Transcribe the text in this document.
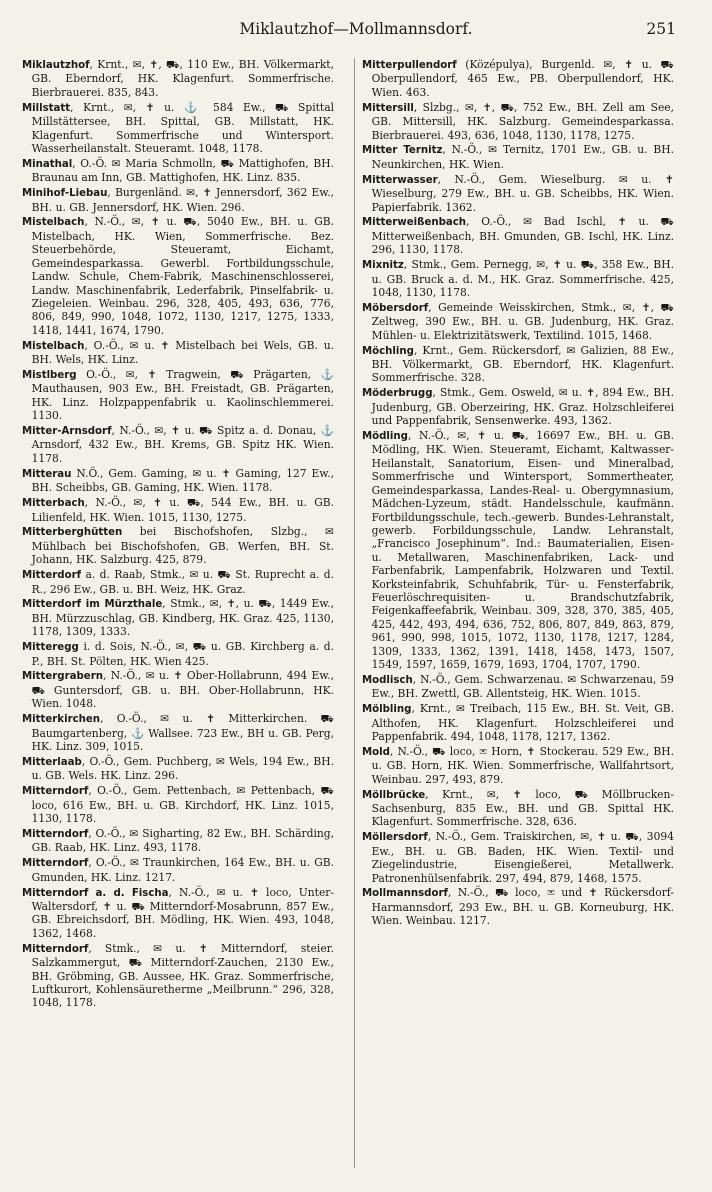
Miklautzhof—Mollmannsdorf.	251

Miklautzhof, Krnt., ✉, ✝, ⛟, 110 Ew., BH. Völkermarkt, GB. Eberndorf, HK. Klagenfurt. Sommerfrische. Bierbrauerei. 835, 843.

Millstatt, Krnt., ✉, ✝ u. ⚓ 584 Ew., ⛟ Spittal Millstättersee, BH. Spittal, GB. Millstatt, HK. Klagenfurt. Sommerfrische und Wintersport. Wasserheilanstalt. Steueramt. 1048, 1178.

Minathal, O.-Ö. ✉ Maria Schmolln, ⛟ Mattighofen, BH. Braunau am Inn, GB. Mattighofen, HK. Linz. 835.

Minihof-Liebau, Burgenländ. ✉, ✝ Jennersdorf, 362 Ew., BH. u. GB. Jennersdorf, HK. Wien. 296.

Mistelbach, N.-Ö., ✉, ✝ u. ⛟, 5040 Ew., BH. u. GB. Mistelbach, HK. Wien, Sommerfrische. Bez. Steuerbehörde, Steueramt, Eichamt, Gemeindesparkassa. Gewerbl. Fortbildungsschule, Landw. Schule, Chem-Fabrik, Maschinenschlosserei, Landw. Maschinenfabrik, Lederfabrik, Pinselfabrik- u. Ziegeleien. Weinbau. 296, 328, 405, 493, 636, 776, 806, 849, 990, 1048, 1072, 1130, 1217, 1275, 1333, 1418, 1441, 1674, 1790.

Mistelbach, O.-Ö., ✉ u. ✝ Mistelbach bei Wels, GB. u. BH. Wels, HK. Linz.

Mistlberg O.-Ö., ✉, ✝ Tragwein, ⛟ Prägarten, ⚓ Mauthausen, 903 Ew., BH. Freistadt, GB. Prägarten, HK. Linz. Holzpappenfabrik u. Kaolinschlemmerei. 1130.

Mitter-Arnsdorf, N.-Ö., ✉, ✝ u. ⛟ Spitz a. d. Donau, ⚓ Arnsdorf, 432 Ew., BH. Krems, GB. Spitz HK. Wien. 1178.

Mitterau N.Ö., Gem. Gaming, ✉ u. ✝ Gaming, 127 Ew., BH. Scheibbs, GB. Gaming, HK. Wien. 1178.

Mitterbach, N.-Ö., ✉, ✝ u. ⛟, 544 Ew., BH. u. GB. Lilienfeld, HK. Wien. 1015, 1130, 1275.

Mitterberghütten bei Bischofshofen, Slzbg., ✉ Mühlbach bei Bischofshofen, GB. Werfen, BH. St. Johann, HK. Salzburg. 425, 879.

Mitterdorf a. d. Raab, Stmk., ✉ u. ⛟ St. Ruprecht a. d. R., 296 Ew., GB. u. BH. Weiz, HK. Graz.

Mitterdorf im Mürzthale, Stmk., ✉, ✝, u. ⛟, 1449 Ew., BH. Mürzzuschlag, GB. Kindberg, HK. Graz. 425, 1130, 1178, 1309, 1333.

Mitteregg i. d. Sois, N.-Ö., ✉, ⛟ u. GB. Kirchberg a. d. P., BH. St. Pölten, HK. Wien 425.

Mittergrabern, N.-Ö., ✉ u. ✝ Ober-Hollabrunn, 494 Ew., ⛟ Guntersdorf, GB. u. BH. Ober-Hollabrunn, HK. Wien. 1048.

Mitterkirchen, O.-Ö., ✉ u. ✝ Mitterkirchen. ⛟ Baumgartenberg, ⚓ Wallsee. 723 Ew., BH u. GB. Perg, HK. Linz. 309, 1015.

Mitterlaab, O.-Ö., Gem. Puchberg, ✉ Wels, 194 Ew., BH. u. GB. Wels. HK. Linz. 296.

Mitterndorf, O.-Ö., Gem. Pettenbach, ✉ Pettenbach, ⛟ loco, 616 Ew., BH. u. GB. Kirchdorf, HK. Linz. 1015, 1130, 1178.

Mitterndorf, O.-Ö., ✉ Sigharting, 82 Ew., BH. Schärding, GB. Raab, HK. Linz. 493, 1178.

Mitterndorf, O.-Ö., ✉ Traunkirchen, 164 Ew., BH. u. GB. Gmunden, HK. Linz. 1217.

Mitterndorf a. d. Fischa, N.-Ö., ✉ u. ✝ loco, Unter-Waltersdorf, ✝ u. ⛟ Mitterndorf-Mosabrunn, 857 Ew., GB. Ebreichsdorf, BH. Mödling, HK. Wien. 493, 1048, 1362, 1468.

Mitterndorf, Stmk., ✉ u. ✝ Mitterndorf, steier. Salzkammergut, ⛟ Mitterndorf-Zauchen, 2130 Ew., BH. Gröbming, GB. Aussee, HK. Graz. Sommerfrische, Luftkurort, Kohlensäuretherme „Meilbrunn.“ 296, 328, 1048, 1178.

Mitterpullendorf (Középulya), Burgenld. ✉, ✝ u. ⛟ Oberpullendorf, 465 Ew., PB. Oberpullendorf, HK. Wien. 463.

Mittersill, Slzbg., ✉, ✝, ⛟, 752 Ew., BH. Zell am See, GB. Mittersill, HK. Salzburg. Gemeindesparkassa. Bierbrauerei. 493, 636, 1048, 1130, 1178, 1275.

Mitter Ternitz, N.-Ö., ✉ Ternitz, 1701 Ew., GB. u. BH. Neunkirchen, HK. Wien.

Mitterwasser, N.-Ö., Gem. Wieselburg. ✉ u. ✝ Wieselburg, 279 Ew., BH. u. GB. Scheibbs, HK. Wien. Papierfabrik. 1362.

Mitterweißenbach, O.-Ö., ✉ Bad Ischl, ✝ u. ⛟ Mitterweißenbach, BH. Gmunden, GB. Ischl, HK. Linz. 296, 1130, 1178.

Mixnitz, Stmk., Gem. Pernegg, ✉, ✝ u. ⛟, 358 Ew., BH. u. GB. Bruck a. d. M., HK. Graz. Sommerfrische. 425, 1048, 1130, 1178.

Möbersdorf, Gemeinde Weisskirchen, Stmk., ✉, ✝, ⛟ Zeltweg, 390 Ew., BH. u. GB. Judenburg, HK. Graz. Mühlen- u. Elektrizitätswerk, Textilind. 1015, 1468.

Möchling, Krnt., Gem. Rückersdorf, ✉ Galizien, 88 Ew., BH. Völkermarkt, GB. Eberndorf, HK. Klagenfurt. Sommerfrische. 328.

Möderbrugg, Stmk., Gem. Osweld, ✉ u. ✝, 894 Ew., BH. Judenburg, GB. Oberzeiring, HK. Graz. Holzschleiferei und Pappenfabrik, Sensenwerke. 493, 1362.

Mödling, N.-Ö., ✉, ✝ u. ⛟, 16697 Ew., BH. u. GB. Mödling, HK. Wien. Steueramt, Eichamt, Kaltwasser-Heilanstalt, Sanatorium, Eisen- und Mineralbad, Sommerfrische und Wintersport, Sommertheater, Gemeindesparkassa, Landes-Real- u. Obergymnasium, Mädchen-Lyzeum, städt. Handelsschule, kaufmänn. Fortbildungsschule, tech.-gewerb. Bundes-Lehranstalt, gewerb. Forbildungsschule, Landw. Lehranstalt, „Francisco Josephinum“. Ind.: Baumaterialien, Eisen- u. Metallwaren, Maschinenfabriken, Lack- und Farbenfabrik, Lampenfabrik, Holzwaren und Textil. Korksteinfabrik, Schuhfabrik, Tür- u. Fensterfabrik, Feuerlöschrequisiten- u. Brandschutzfabrik, Feigenkaffeefabrik, Weinbau. 309, 328, 370, 385, 405, 425, 442, 493, 494, 636, 752, 806, 807, 849, 863, 879, 961, 990, 998, 1015, 1072, 1130, 1178, 1217, 1284, 1309, 1333, 1362, 1391, 1418, 1458, 1473, 1507, 1549, 1597, 1659, 1679, 1693, 1704, 1707, 1790.

Modlisch, N.-Ö., Gem. Schwarzenau. ✉ Schwarzenau, 59 Ew., BH. Zwettl, GB. Allentsteig, HK. Wien. 1015.

Mölbling, Krnt., ✉ Treibach, 115 Ew., BH. St. Veit, GB. Althofen, HK. Klagenfurt. Holzschleiferei und Pappenfabrik. 494, 1048, 1178, 1217, 1362.

Mold, N.-Ö., ⛟ loco, ✉ Horn, ✝ Stockerau. 529 Ew., BH. u. GB. Horn, HK. Wien. Sommerfrische, Wallfahrtsort, Weinbau. 297, 493, 879.

Möllbrücke, Krnt., ✉, ✝ loco, ⛟ Möllbrucken-Sachsenburg, 835 Ew., BH. und GB. Spittal HK. Klagenfurt. Sommerfrische. 328, 636.

Möllersdorf, N.-Ö., Gem. Traiskirchen, ✉, ✝ u. ⛟, 3094 Ew., BH. u. GB. Baden, HK. Wien. Textil- und Ziegelindustrie, Eisengießerei, Metallwerk. Patronenhülsenfabrik. 297, 494, 879, 1468, 1575.

Mollmannsdorf, N.-Ö., ⛟ loco, ✉ und ✝ Rückersdorf-Harmannsdorf, 293 Ew., BH. u. GB. Korneuburg, HK. Wien. Weinbau. 1217.
